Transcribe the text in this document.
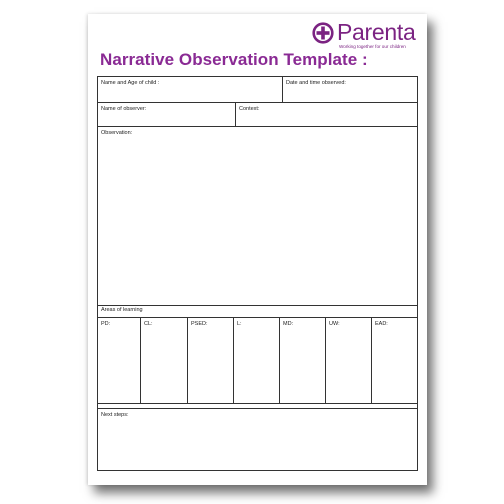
Parenta
Working together for our children
Narrative Observation Template :
Name and Age of child :	Date and time observed:
Name of observer:	Context:
Observation:
Areas of learning
PD:	CL:	PSED:	L:	MD:	UW:	EAD:
Next steps:
